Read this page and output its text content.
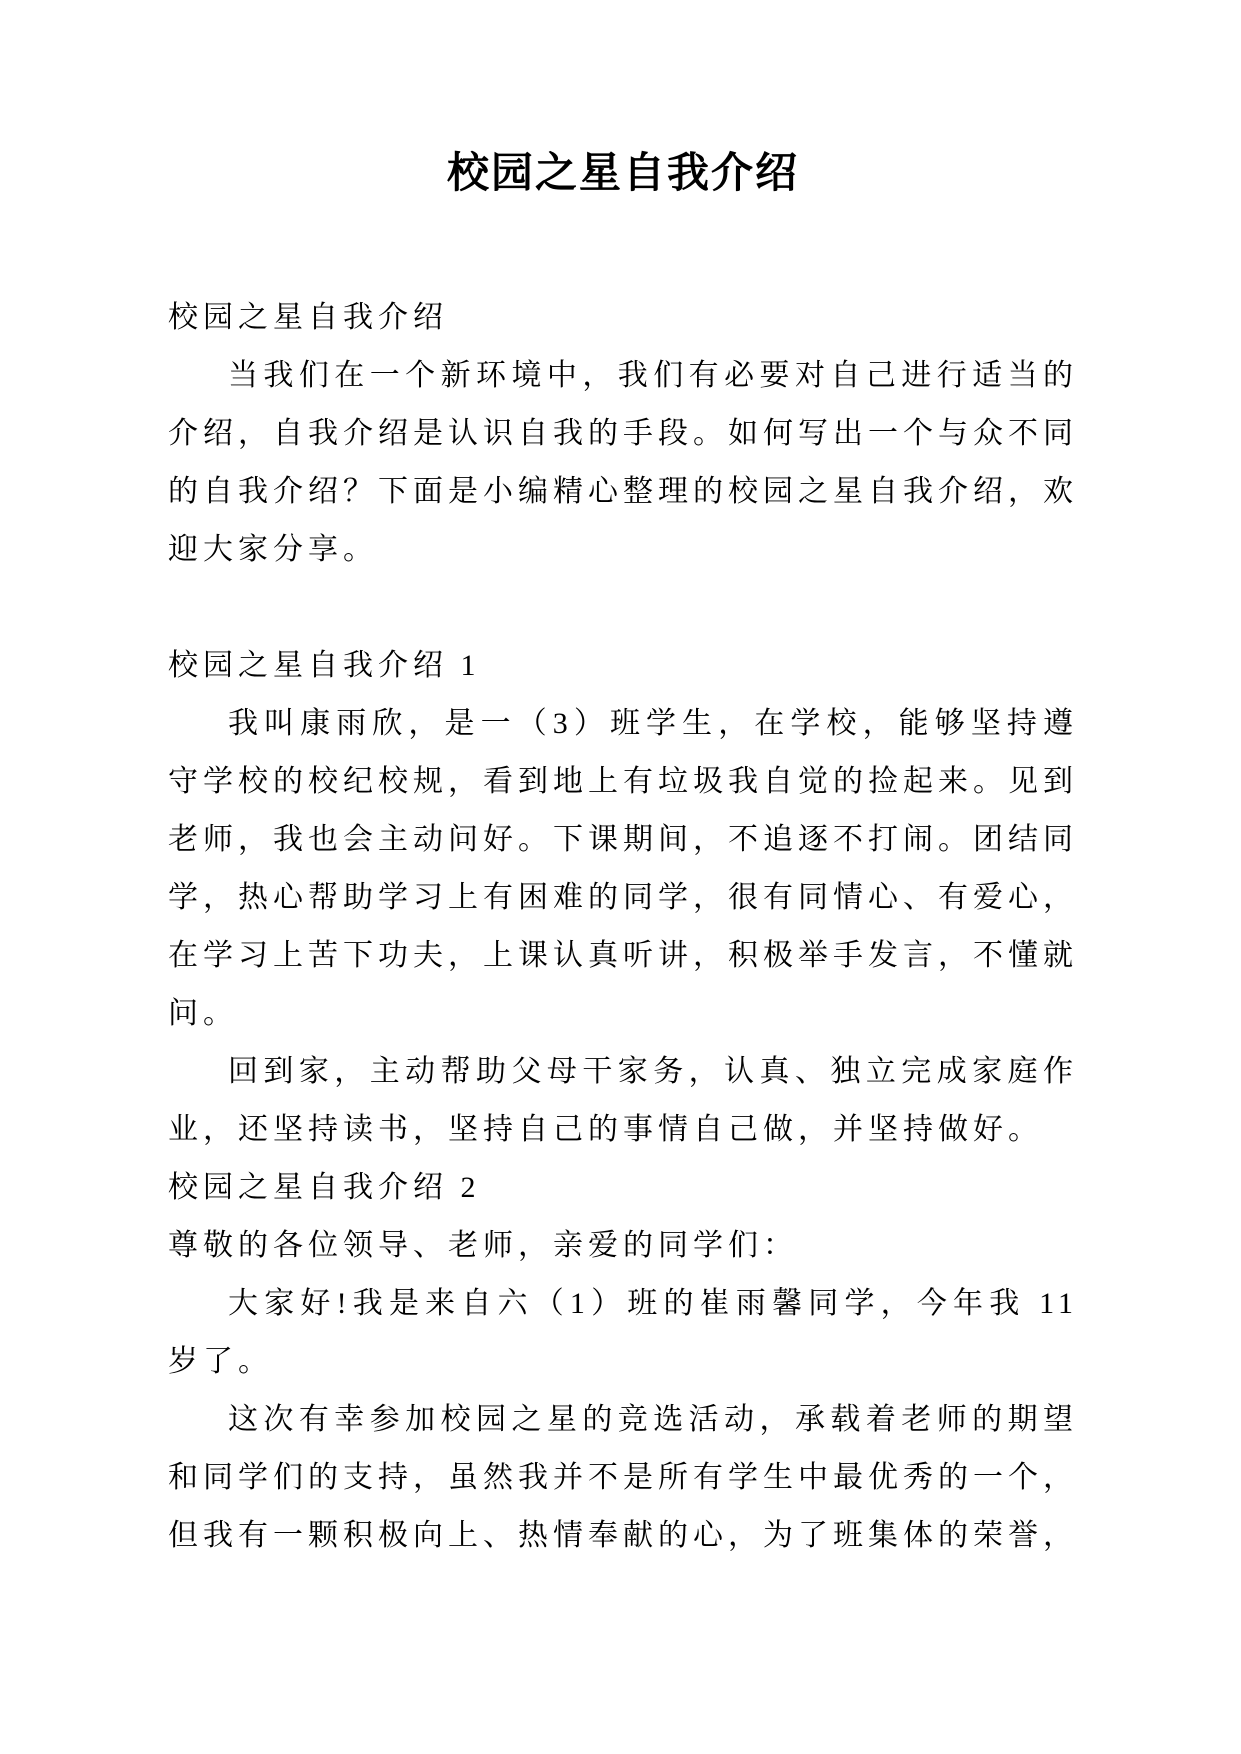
校园之星自我介绍

校园之星自我介绍

当我们在一个新环境中，我们有必要对自己进行适当的介绍，自我介绍是认识自我的手段。如何写出一个与众不同的自我介绍？下面是小编精心整理的校园之星自我介绍，欢迎大家分享。

校园之星自我介绍 1

我叫康雨欣，是一（3）班学生，在学校，能够坚持遵守学校的校纪校规，看到地上有垃圾我自觉的捡起来。见到老师，我也会主动问好。下课期间，不追逐不打闹。团结同学，热心帮助学习上有困难的同学，很有同情心、有爱心，在学习上苦下功夫，上课认真听讲，积极举手发言，不懂就问。

回到家，主动帮助父母干家务，认真、独立完成家庭作业，还坚持读书，坚持自己的事情自己做，并坚持做好。

校园之星自我介绍 2

尊敬的各位领导、老师，亲爱的同学们：

大家好!我是来自六（1）班的崔雨馨同学，今年我 11 岁了。

这次有幸参加校园之星的竞选活动，承载着老师的期望和同学们的支持，虽然我并不是所有学生中最优秀的一个，但我有一颗积极向上、热情奉献的心，为了班集体的荣誉，
